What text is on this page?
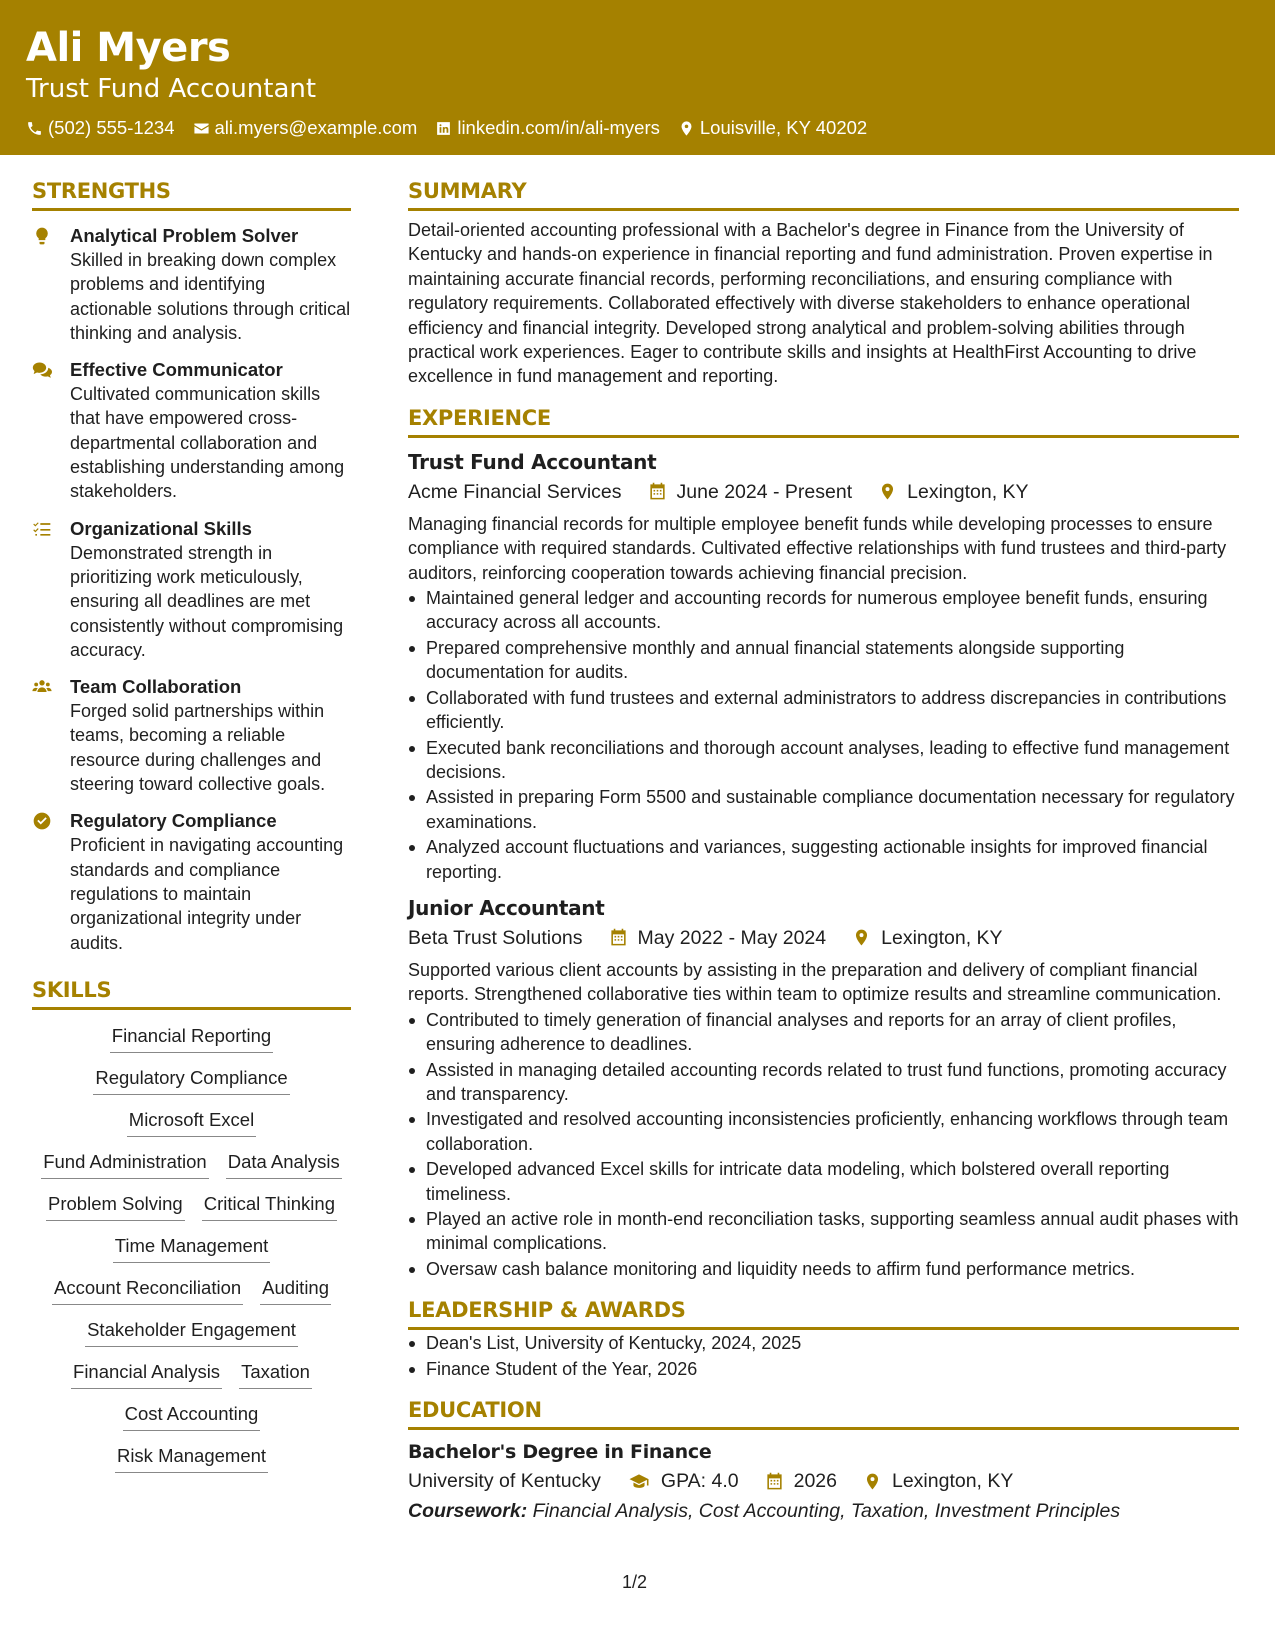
Ali Myers
Trust Fund Accountant
(502) 555-1234 ali.myers@example.com linkedin.com/in/ali-myers Louisville, KY 40202
STRENGTHS
Analytical Problem Solver
Skilled in breaking down complex problems and identifying actionable solutions through critical thinking and analysis.
Effective Communicator
Cultivated communication skills that have empowered cross-departmental collaboration and establishing understanding among stakeholders.
Organizational Skills
Demonstrated strength in prioritizing work meticulously, ensuring all deadlines are met consistently without compromising accuracy.
Team Collaboration
Forged solid partnerships within teams, becoming a reliable resource during challenges and steering toward collective goals.
Regulatory Compliance
Proficient in navigating accounting standards and compliance regulations to maintain organizational integrity under audits.
SKILLS
Financial Reporting
Regulatory Compliance
Microsoft Excel
Fund Administration Data Analysis
Problem Solving Critical Thinking
Time Management
Account Reconciliation Auditing
Stakeholder Engagement
Financial Analysis Taxation
Cost Accounting
Risk Management
SUMMARY
Detail-oriented accounting professional with a Bachelor's degree in Finance from the University of Kentucky and hands-on experience in financial reporting and fund administration. Proven expertise in maintaining accurate financial records, performing reconciliations, and ensuring compliance with regulatory requirements. Collaborated effectively with diverse stakeholders to enhance operational efficiency and financial integrity. Developed strong analytical and problem-solving abilities through practical work experiences. Eager to contribute skills and insights at HealthFirst Accounting to drive excellence in fund management and reporting.
EXPERIENCE
Trust Fund Accountant
Acme Financial Services	June 2024 - Present	Lexington, KY
Managing financial records for multiple employee benefit funds while developing processes to ensure compliance with required standards. Cultivated effective relationships with fund trustees and third-party auditors, reinforcing cooperation towards achieving financial precision.
Maintained general ledger and accounting records for numerous employee benefit funds, ensuring accuracy across all accounts.
Prepared comprehensive monthly and annual financial statements alongside supporting documentation for audits.
Collaborated with fund trustees and external administrators to address discrepancies in contributions efficiently.
Executed bank reconciliations and thorough account analyses, leading to effective fund management decisions.
Assisted in preparing Form 5500 and sustainable compliance documentation necessary for regulatory examinations.
Analyzed account fluctuations and variances, suggesting actionable insights for improved financial reporting.
Junior Accountant
Beta Trust Solutions	May 2022 - May 2024	Lexington, KY
Supported various client accounts by assisting in the preparation and delivery of compliant financial reports. Strengthened collaborative ties within team to optimize results and streamline communication.
Contributed to timely generation of financial analyses and reports for an array of client profiles, ensuring adherence to deadlines.
Assisted in managing detailed accounting records related to trust fund functions, promoting accuracy and transparency.
Investigated and resolved accounting inconsistencies proficiently, enhancing workflows through team collaboration.
Developed advanced Excel skills for intricate data modeling, which bolstered overall reporting timeliness.
Played an active role in month-end reconciliation tasks, supporting seamless annual audit phases with minimal complications.
Oversaw cash balance monitoring and liquidity needs to affirm fund performance metrics.
LEADERSHIP & AWARDS
Dean's List, University of Kentucky, 2024, 2025
Finance Student of the Year, 2026
EDUCATION
Bachelor's Degree in Finance
University of Kentucky	GPA: 4.0	2026	Lexington, KY
Coursework: Financial Analysis, Cost Accounting, Taxation, Investment Principles
1/2
